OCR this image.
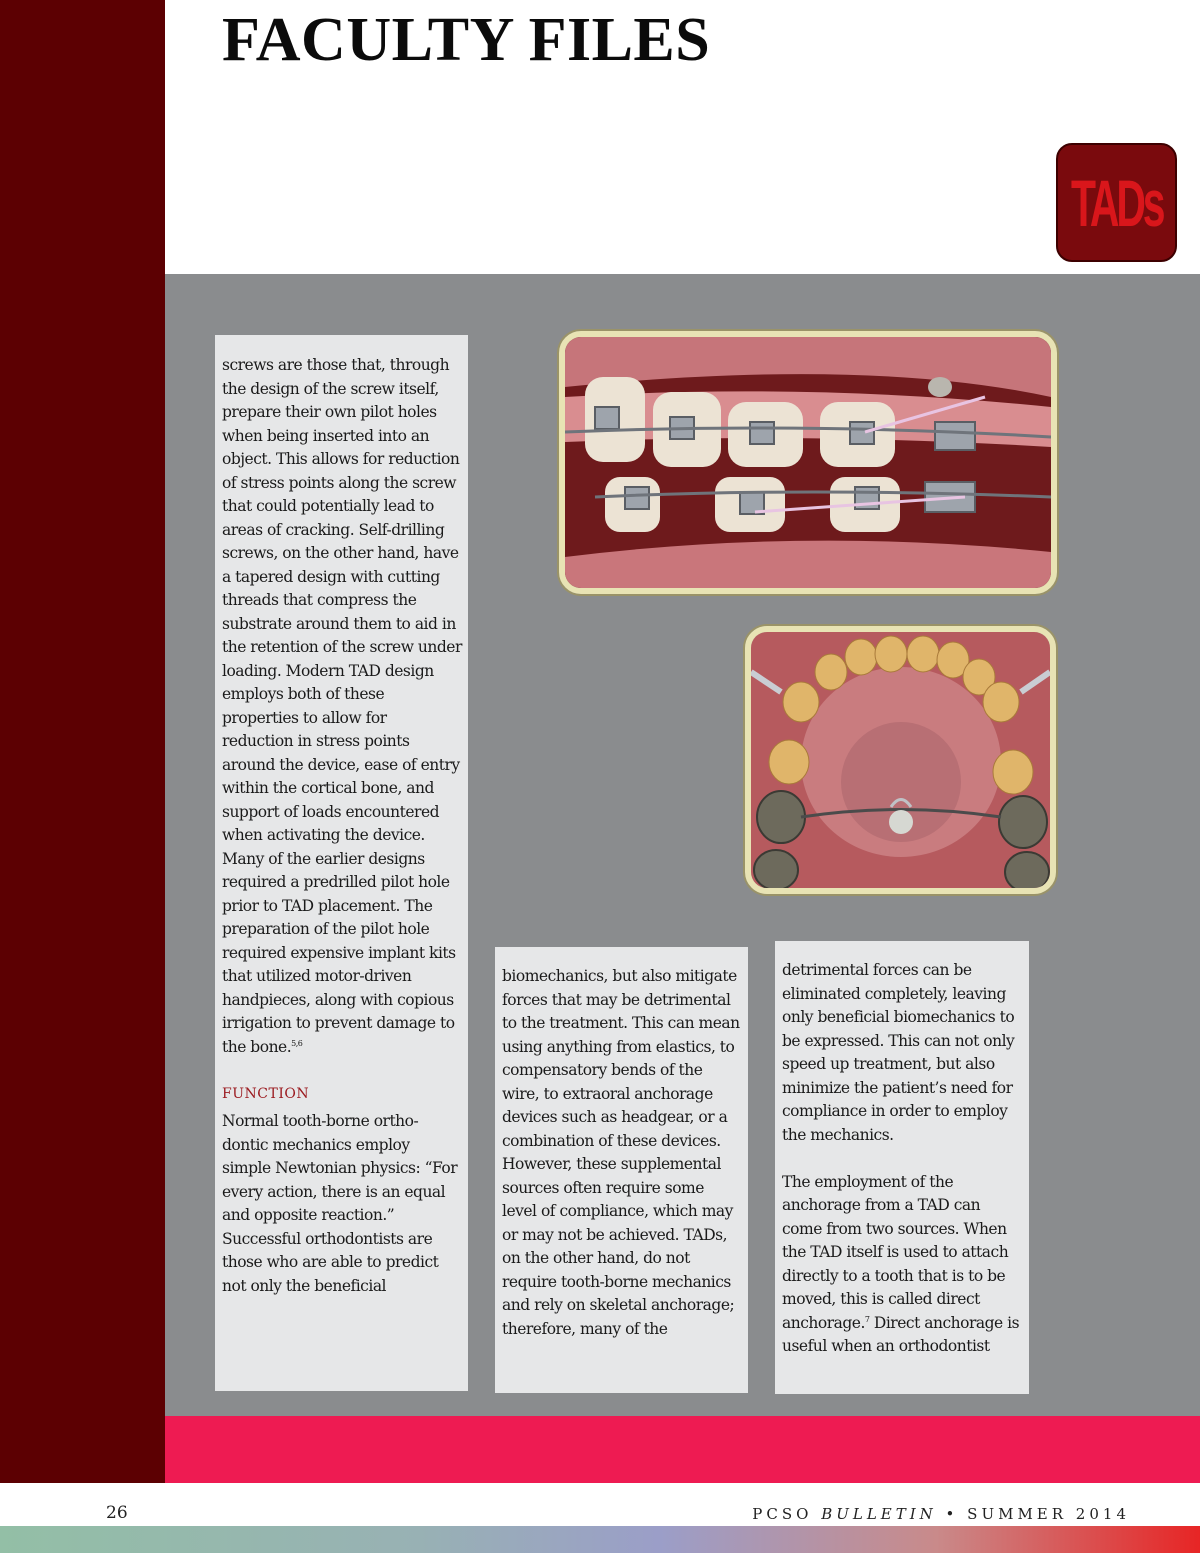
FACULTY FILES
TADs

screws are those that, through the design of the screw itself, prepare their own pilot holes when being inserted into an object. This allows for reduction of stress points along the screw that could potentially lead to areas of cracking. Self-drilling screws, on the other hand, have a tapered design with cutting threads that compress the substrate around them to aid in the retention of the screw under loading. Modern TAD design employs both of these properties to allow for reduction in stress points around the device, ease of entry within the cortical bone, and support of loads encountered when activating the device. Many of the earlier designs required a predrilled pilot hole prior to TAD placement. The preparation of the pilot hole required expensive implant kits that utilized motor-driven handpieces, along with copious irrigation to prevent damage to the bone.$^{5,6}$

FUNCTION

Normal tooth-borne ortho-dontic mechanics employ simple Newtonian physics: “For every action, there is an equal and opposite reaction.” Successful orthodontists are those who are able to predict not only the beneficial

biomechanics, but also mitigate forces that may be detrimental to the treatment. This can mean using anything from elastics, to compensatory bends of the wire, to extraoral anchorage devices such as headgear, or a combination of these devices. However, these supplemental sources often require some level of compliance, which may or may not be achieved. TADs, on the other hand, do not require tooth-borne mechanics and rely on skeletal anchorage; therefore, many of the

detrimental forces can be eliminated completely, leaving only beneficial biomechanics to be expressed. This can not only speed up treatment, but also minimize the patient’s need for compliance in order to employ the mechanics.

The employment of the anchorage from a TAD can come from two sources. When the TAD itself is used to attach directly to a tooth that is to be moved, this is called direct anchorage.$^7$ Direct anchorage is useful when an orthodontist

26	PCSO BULLETIN • SUMMER 2014
